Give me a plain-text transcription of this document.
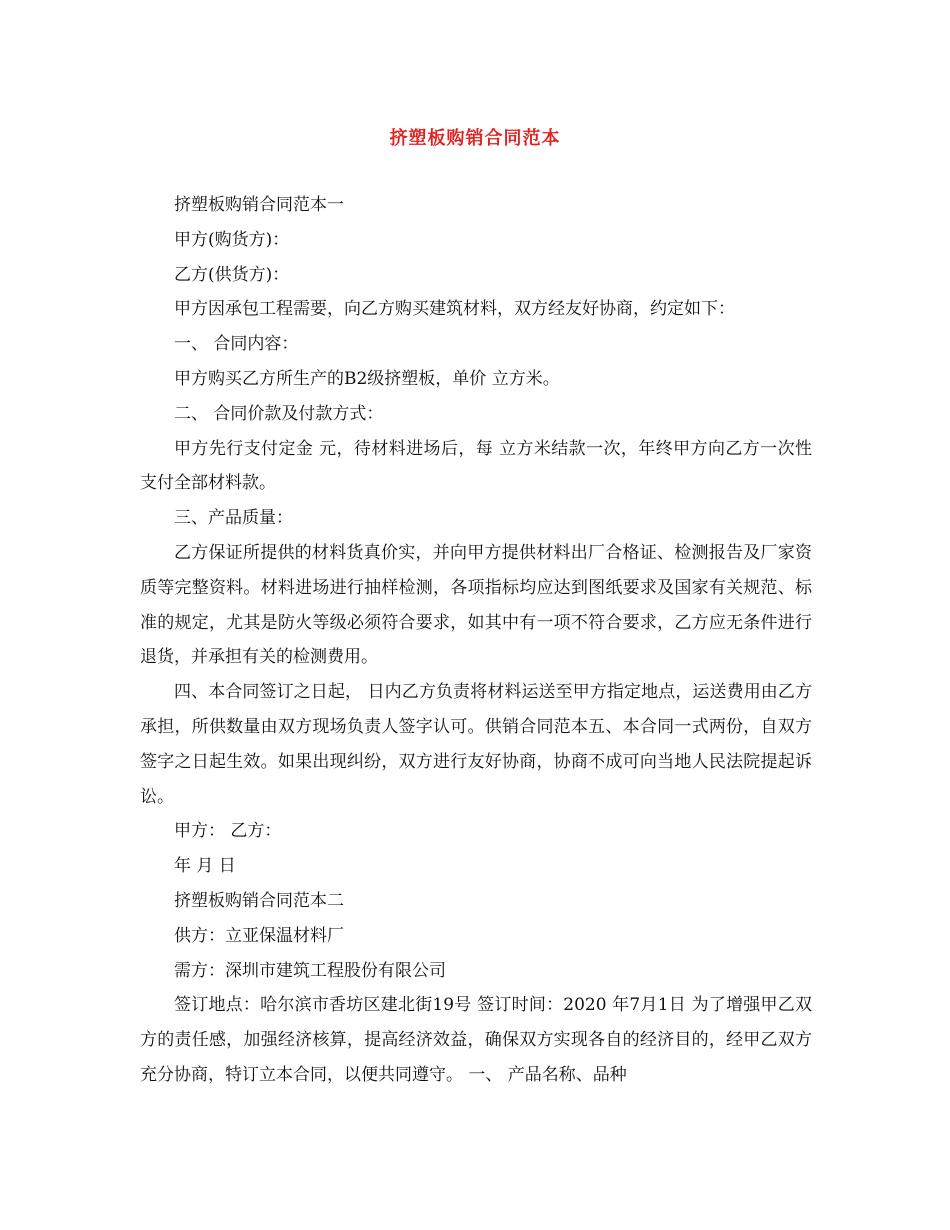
挤塑板购销合同范本

挤塑板购销合同范本一

甲方(购货方)：

乙方(供货方)：

甲方因承包工程需要，向乙方购买建筑材料，双方经友好协商，约定如下：

一、 合同内容：

甲方购买乙方所生产的B2级挤塑板，单价 立方米。

二、 合同价款及付款方式：

甲方先行支付定金 元，待材料进场后，每 立方米结款一次，年终甲方向乙方一次性支付全部材料款。

三、产品质量：

乙方保证所提供的材料货真价实，并向甲方提供材料出厂合格证、检测报告及厂家资质等完整资料。材料进场进行抽样检测，各项指标均应达到图纸要求及国家有关规范、标准的规定，尤其是防火等级必须符合要求，如其中有一项不符合要求，乙方应无条件进行退货，并承担有关的检测费用。

四、本合同签订之日起， 日内乙方负责将材料运送至甲方指定地点，运送费用由乙方承担，所供数量由双方现场负责人签字认可。供销合同范本五、本合同一式两份，自双方签字之日起生效。如果出现纠纷，双方进行友好协商，协商不成可向当地人民法院提起诉讼。

甲方： 乙方：

年 月 日

挤塑板购销合同范本二

供方：立亚保温材料厂

需方：深圳市建筑工程股份有限公司

签订地点：哈尔滨市香坊区建北街19号 签订时间：2020 年7月1日 为了增强甲乙双方的责任感，加强经济核算，提高经济效益，确保双方实现各自的经济目的，经甲乙双方充分协商，特订立本合同，以便共同遵守。 一、 产品名称、品种
